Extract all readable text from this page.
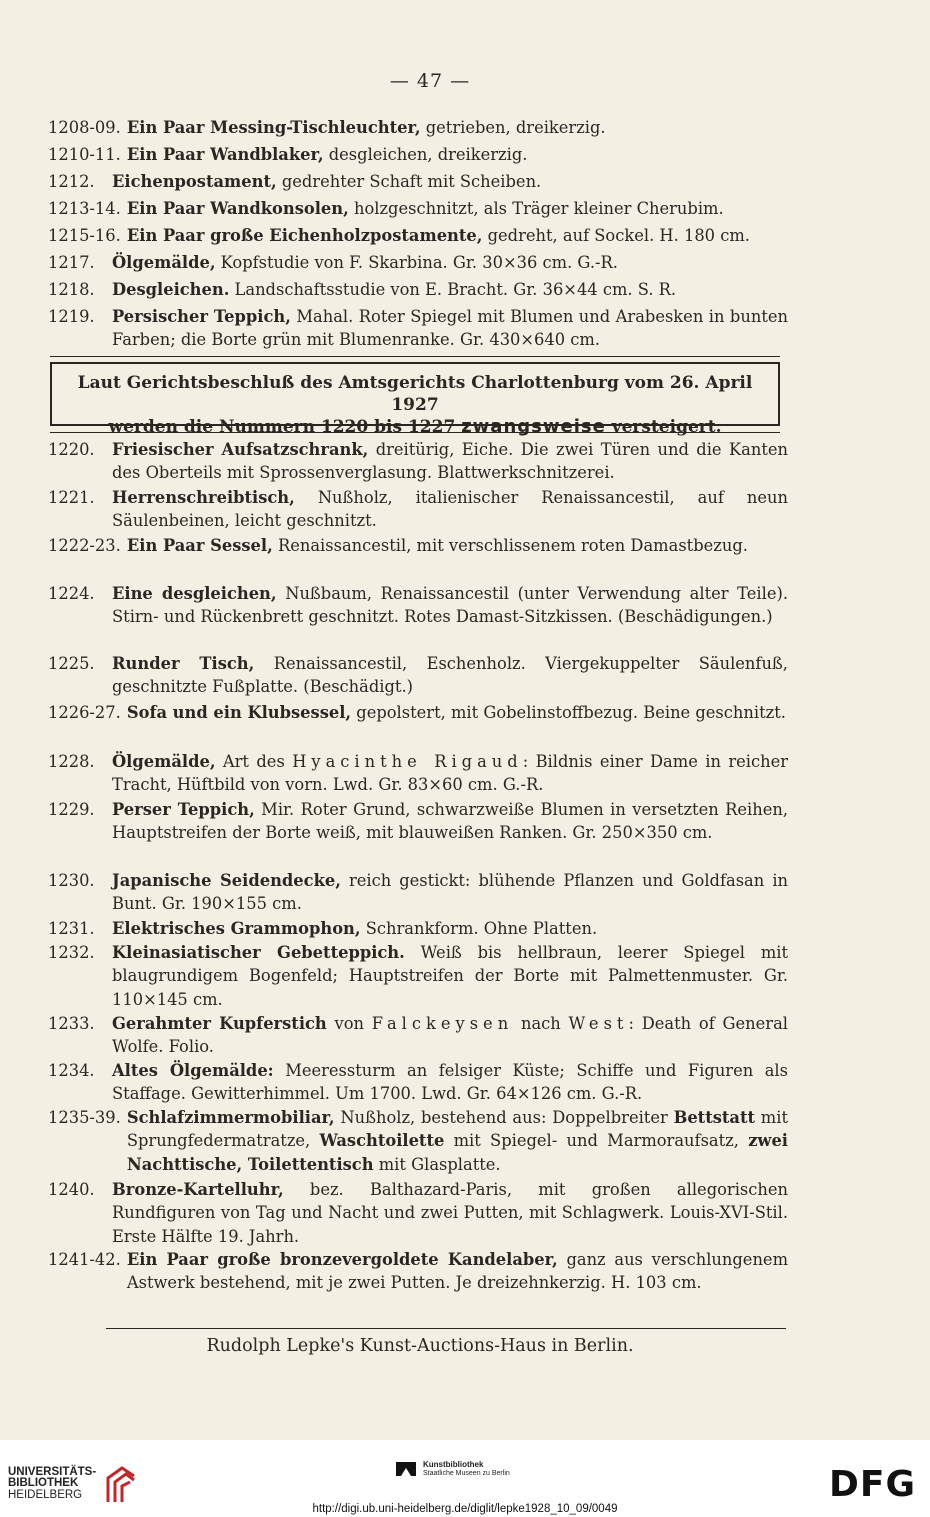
— 47 —
1208-09. Ein Paar Messing-Tischleuchter, getrieben, dreikerzig.
1210-11. Ein Paar Wandblaker, desgleichen, dreikerzig.
1212.	Eichenpostament, gedrehter Schaft mit Scheiben.
1213-14. Ein Paar Wandkonsolen, holzgeschnitzt, als Träger kleiner Cherubim.
1215-16. Ein Paar große Eichenholzpostamente, gedreht, auf Sockel. H. 180 cm.
1217.	Ölgemälde, Kopfstudie von F. Skarbina. Gr. 30×36 cm. G.-R.
1218.	Desgleichen. Landschaftsstudie von E. Bracht. Gr. 36×44 cm. S. R.
1219.	Persischer Teppich, Mahal. Roter Spiegel mit Blumen und Arabesken in bunten Farben; die Borte grün mit Blumenranke. Gr. 430×640 cm.
Laut Gerichtsbeschluß des Amtsgerichts Charlottenburg vom 26. April 1927
werden die Nummern 1220 bis 1227 zwangsweise versteigert.
1220.	Friesischer Aufsatzschrank, dreitürig, Eiche. Die zwei Türen und die Kanten des Oberteils mit Sprossenverglasung. Blattwerkschnitzerei.
1221.	Herrenschreibtisch, Nußholz, italienischer Renaissancestil, auf neun Säulenbeinen, leicht geschnitzt.
1222-23. Ein Paar Sessel, Renaissancestil, mit verschlissenem roten Damastbezug.
1224.	Eine desgleichen, Nußbaum, Renaissancestil (unter Verwendung alter Teile). Stirn- und Rückenbrett geschnitzt. Rotes Damast-Sitzkissen. (Beschädigungen.)
1225.	Runder Tisch, Renaissancestil, Eschenholz. Viergekuppelter Säulenfuß, geschnitzte Fußplatte. (Beschädigt.)
1226-27. Sofa und ein Klubsessel, gepolstert, mit Gobelinstoffbezug. Beine geschnitzt.
1228.	Ölgemälde, Art des Hyacinthe Rigaud: Bildnis einer Dame in reicher Tracht, Hüftbild von vorn. Lwd. Gr. 83×60 cm. G.-R.
1229.	Perser Teppich, Mir. Roter Grund, schwarzweiße Blumen in versetzten Reihen, Hauptstreifen der Borte weiß, mit blauweißen Ranken. Gr. 250×350 cm.
1230.	Japanische Seidendecke, reich gestickt: blühende Pflanzen und Goldfasan in Bunt. Gr. 190×155 cm.
1231.	Elektrisches Grammophon, Schrankform. Ohne Platten.
1232.	Kleinasiatischer Gebetteppich. Weiß bis hellbraun, leerer Spiegel mit blaugrundigem Bogenfeld; Hauptstreifen der Borte mit Palmettenmuster. Gr. 110×145 cm.
1233.	Gerahmter Kupferstich von Falckeysen nach West: Death of General Wolfe. Folio.
1234.	Altes Ölgemälde: Meeressturm an felsiger Küste; Schiffe und Figuren als Staffage. Gewitterhimmel. Um 1700. Lwd. Gr. 64×126 cm. G.-R.
1235-39. Schlafzimmermobiliar, Nußholz, bestehend aus: Doppelbreiter Bettstatt mit Sprungfedermatratze, Waschtoilette mit Spiegel- und Marmoraufsatz, zwei Nachttische, Toilettentisch mit Glasplatte.
1240.	Bronze-Kartelluhr, bez. Balthazard-Paris, mit großen allegorischen Rundfiguren von Tag und Nacht und zwei Putten, mit Schlagwerk. Louis-XVI-Stil. Erste Hälfte 19. Jahrh.
1241-42. Ein Paar große bronzevergoldete Kandelaber, ganz aus verschlungenem Astwerk bestehend, mit je zwei Putten. Je dreizehnkerzig. H. 103 cm.
Rudolph Lepke's Kunst-Auctions-Haus in Berlin.
UNIVERSITÄTS-
BIBLIOTHEK
HEIDELBERG
Kunstbibliothek
Staatliche Museen zu Berlin	DFG
http://digi.ub.uni-heidelberg.de/diglit/lepke1928_10_09/0049
